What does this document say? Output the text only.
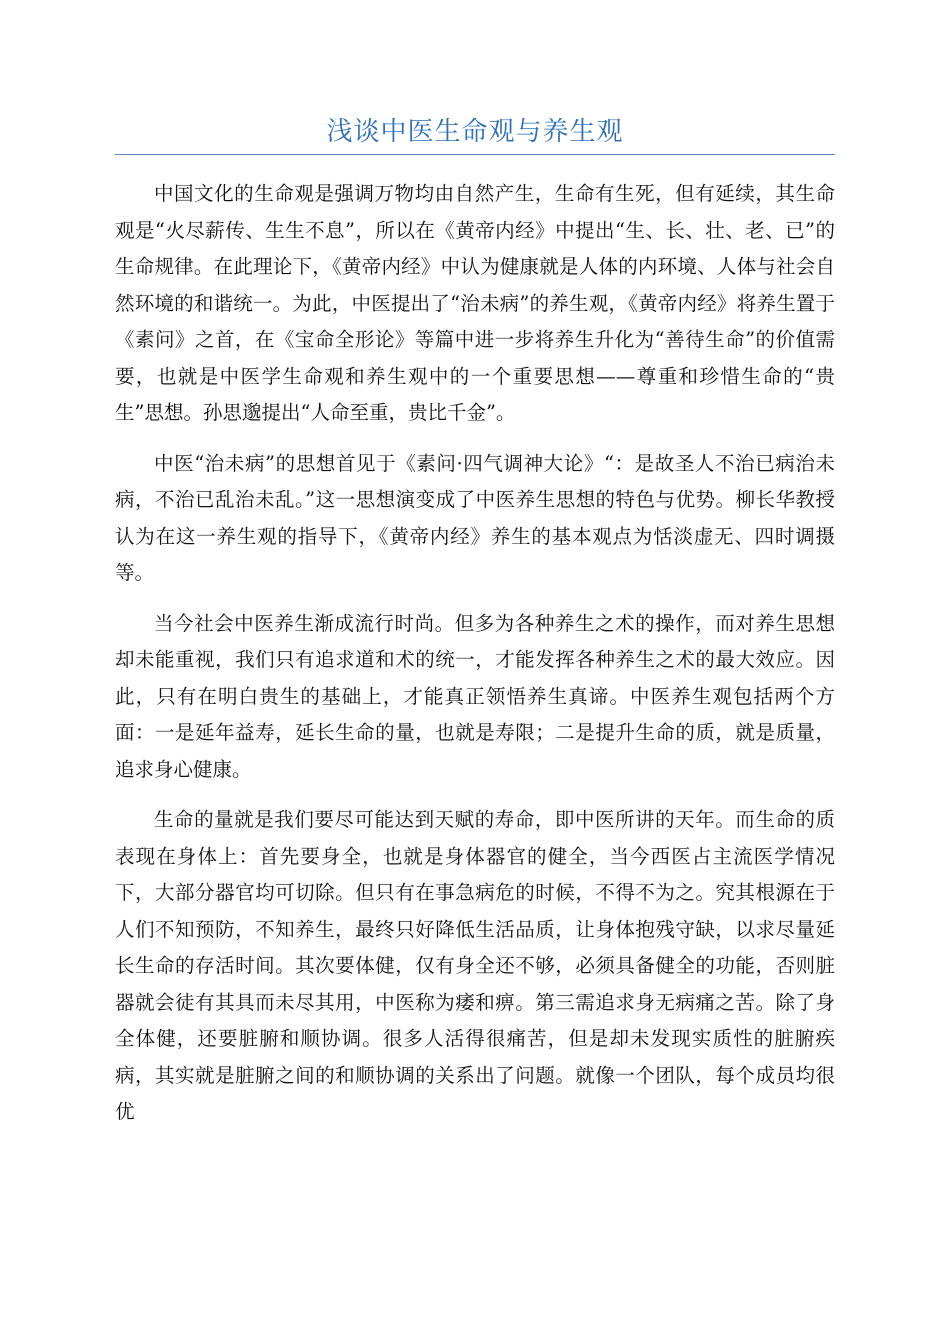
浅谈中医生命观与养生观

中国文化的生命观是强调万物均由自然产生，生命有生死，但有延续，其生命观是“火尽薪传、生生不息”，所以在《黄帝内经》中提出“生、长、壮、老、已”的生命规律。在此理论下，《黄帝内经》中认为健康就是人体的内环境、人体与社会自然环境的和谐统一。为此，中医提出了“治未病”的养生观，《黄帝内经》将养生置于《素问》之首，在《宝命全形论》等篇中进一步将养生升化为“善待生命”的价值需要，也就是中医学生命观和养生观中的一个重要思想——尊重和珍惜生命的“贵生”思想。孙思邈提出“人命至重，贵比千金”。

中医“治未病”的思想首见于《素问·四气调神大论》“：是故圣人不治已病治未病，不治已乱治未乱。”这一思想演变成了中医养生思想的特色与优势。柳长华教授认为在这一养生观的指导下，《黄帝内经》养生的基本观点为恬淡虚无、四时调摄等。

当今社会中医养生渐成流行时尚。但多为各种养生之术的操作，而对养生思想却未能重视，我们只有追求道和术的统一，才能发挥各种养生之术的最大效应。因此，只有在明白贵生的基础上，才能真正领悟养生真谛。中医养生观包括两个方面：一是延年益寿，延长生命的量，也就是寿限；二是提升生命的质，就是质量，追求身心健康。

生命的量就是我们要尽可能达到天赋的寿命，即中医所讲的天年。而生命的质表现在身体上：首先要身全，也就是身体器官的健全，当今西医占主流医学情况下，大部分器官均可切除。但只有在事急病危的时候，不得不为之。究其根源在于人们不知预防，不知养生，最终只好降低生活品质，让身体抱残守缺，以求尽量延长生命的存活时间。其次要体健，仅有身全还不够，必须具备健全的功能，否则脏器就会徒有其具而未尽其用，中医称为痿和痹。第三需追求身无病痛之苦。除了身全体健，还要脏腑和顺协调。很多人活得很痛苦，但是却未发现实质性的脏腑疾病，其实就是脏腑之间的和顺协调的关系出了问题。就像一个团队，每个成员均很优
